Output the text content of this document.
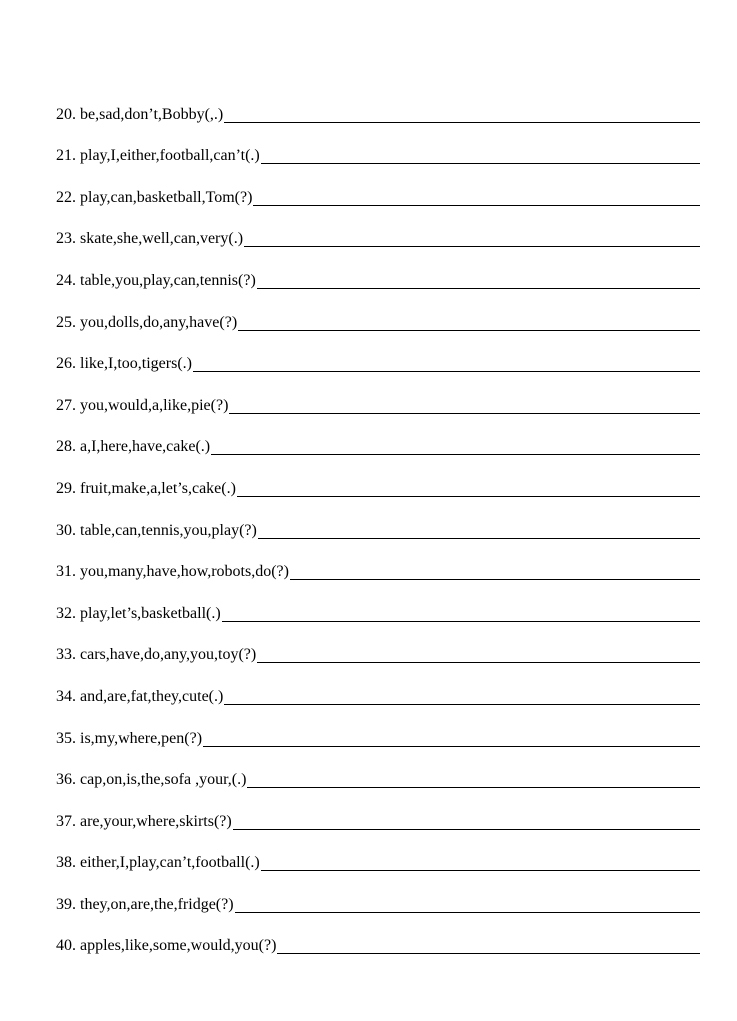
20. be,sad,don’t,Bobby(,.)
21. play,I,either,football,can’t(.)
22. play,can,basketball,Tom(?)
23. skate,she,well,can,very(.)
24. table,you,play,can,tennis(?)
25. you,dolls,do,any,have(?)
26. like,I,too,tigers(.)
27. you,would,a,like,pie(?)
28. a,I,here,have,cake(.)
29. fruit,make,a,let’s,cake(.)
30. table,can,tennis,you,play(?)
31. you,many,have,how,robots,do(?)
32. play,let’s,basketball(.)
33. cars,have,do,any,you,toy(?)
34. and,are,fat,they,cute(.)
35. is,my,where,pen(?)
36. cap,on,is,the,sofa ,your,(.)
37. are,your,where,skirts(?)
38. either,I,play,can’t,football(.)
39. they,on,are,the,fridge(?)
40. apples,like,some,would,you(?)
